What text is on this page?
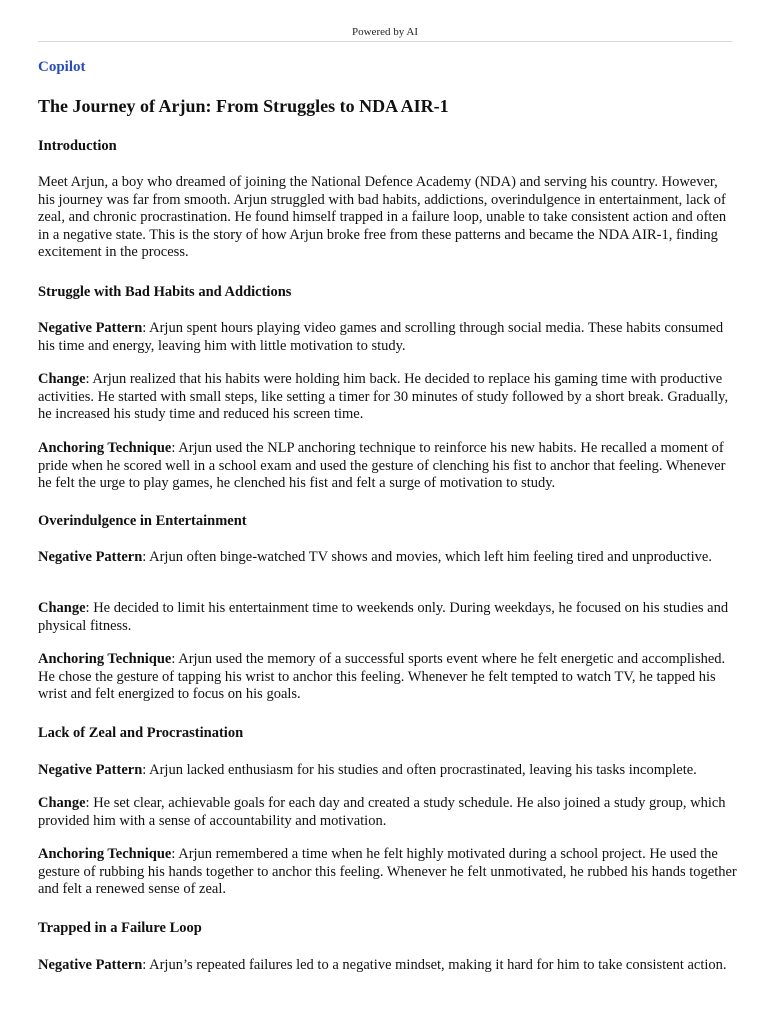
Powered by AI
Copilot
The Journey of Arjun: From Struggles to NDA AIR-1
Introduction

Meet Arjun, a boy who dreamed of joining the National Defence Academy (NDA) and serving his country. However, his journey was far from smooth. Arjun struggled with bad habits, addictions, overindulgence in entertainment, lack of zeal, and chronic procrastination. He found himself trapped in a failure loop, unable to take consistent action and often in a negative state. This is the story of how Arjun broke free from these patterns and became the NDA AIR-1, finding excitement in the process.

Struggle with Bad Habits and Addictions

Negative Pattern: Arjun spent hours playing video games and scrolling through social media. These habits consumed his time and energy, leaving him with little motivation to study.

Change: Arjun realized that his habits were holding him back. He decided to replace his gaming time with productive activities. He started with small steps, like setting a timer for 30 minutes of study followed by a short break. Gradually, he increased his study time and reduced his screen time.

Anchoring Technique: Arjun used the NLP anchoring technique to reinforce his new habits. He recalled a moment of pride when he scored well in a school exam and used the gesture of clenching his fist to anchor that feeling. Whenever he felt the urge to play games, he clenched his fist and felt a surge of motivation to study.

Overindulgence in Entertainment

Negative Pattern: Arjun often binge-watched TV shows and movies, which left him feeling tired and unproductive.

Change: He decided to limit his entertainment time to weekends only. During weekdays, he focused on his studies and physical fitness.

Anchoring Technique: Arjun used the memory of a successful sports event where he felt energetic and accomplished. He chose the gesture of tapping his wrist to anchor this feeling. Whenever he felt tempted to watch TV, he tapped his wrist and felt energized to focus on his goals.

Lack of Zeal and Procrastination

Negative Pattern: Arjun lacked enthusiasm for his studies and often procrastinated, leaving his tasks incomplete.

Change: He set clear, achievable goals for each day and created a study schedule. He also joined a study group, which provided him with a sense of accountability and motivation.

Anchoring Technique: Arjun remembered a time when he felt highly motivated during a school project. He used the gesture of rubbing his hands together to anchor this feeling. Whenever he felt unmotivated, he rubbed his hands together and felt a renewed sense of zeal.

Trapped in a Failure Loop

Negative Pattern: Arjun’s repeated failures led to a negative mindset, making it hard for him to take consistent action.
